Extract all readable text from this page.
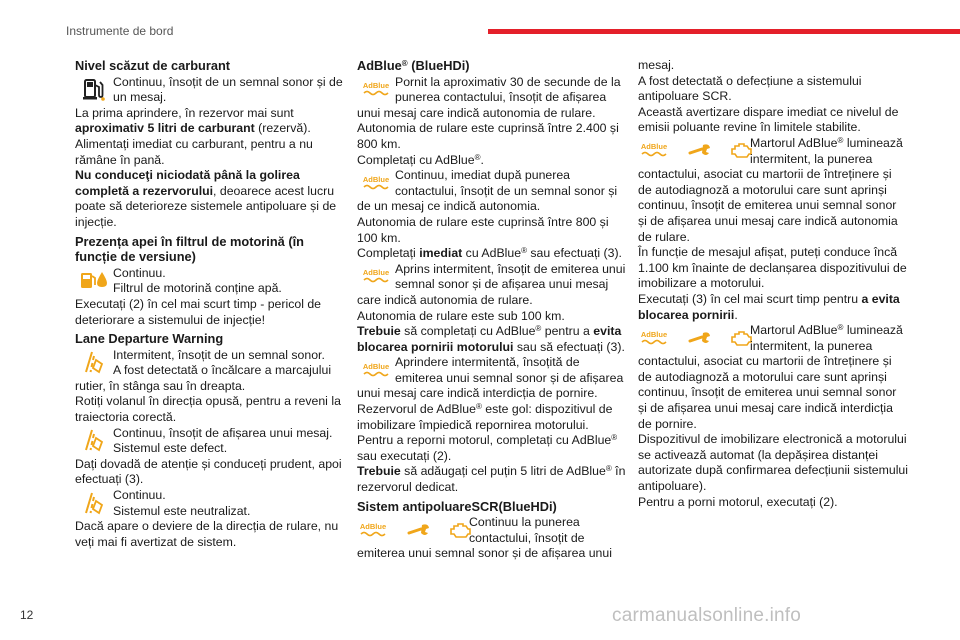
Instrumente de bord
Nivel scăzut de carburant

Continuu, însoțit de un semnal sonor și de un mesaj.

La prima aprindere, în rezervor mai sunt aproximativ 5 litri de carburant (rezervă).

Alimentați imediat cu carburant, pentru a nu rămâne în pană.

Nu conduceţi niciodată până la golirea completă a rezervorului, deoarece acest lucru poate să deterioreze sistemele antipoluare și de injecție.

Prezența apei în filtrul de motorină (în funcție de versiune)

Continuu.

Filtrul de motorină conține apă.

Executați (2) în cel mai scurt timp - pericol de deteriorare a sistemului de injecție!

Lane Departure Warning

Intermitent, însoțit de un semnal sonor.

A fost detectată o încălcare a marcajului rutier, în stânga sau în dreapta.

Rotiți volanul în direcția opusă, pentru a reveni la traiectoria corectă.

Continuu, însoțit de afișarea unui mesaj.

Sistemul este defect.

Dați dovadă de atenție și conduceți prudent, apoi efectuați (3).

Continuu.

Sistemul este neutralizat.

Dacă apare o deviere de la direcția de rulare, nu veți mai fi avertizat de sistem.

AdBlue® (BlueHDi)
AdBlue Pornit la aproximativ 30 de secunde de la punerea contactului, însoțit de afișarea unui mesaj care indică autonomia de rulare.

Autonomia de rulare este cuprinsă între 2.400 și 800 km.

Completați cu AdBlue®.

AdBlue Continuu, imediat după punerea contactului, însoțit de un semnal sonor și de un mesaj ce indică autonomia.

Autonomia de rulare este cuprinsă între 800 și 100 km.

Completați imediat cu AdBlue® sau efectuați (3).

AdBlue Aprins intermitent, însoțit de emiterea unui semnal sonor și de afișarea unui mesaj care indică autonomia de rulare.

Autonomia de rulare este sub 100 km.

Trebuie să completați cu AdBlue® pentru a evita blocarea pornirii motorului sau să efectuați (3).

AdBlue Aprindere intermitentă, însoțită de emiterea unui semnal sonor și de afișarea unui mesaj care indică interdicția de pornire.

Rezervorul de AdBlue® este gol: dispozitivul de imobilizare împiedică repornirea motorului.

Pentru a reporni motorul, completați cu AdBlue® sau executați (2).

Trebuie să adăugați cel puțin 5 litri de AdBlue® în rezervorul dedicat.

Sistem antipoluareSCR(BlueHDi)
AdBlue	Continuu la punerea contactului, însoțit de emiterea unui semnal sonor și de afișarea unui

mesaj.

A fost detectată o defecțiune a sistemului antipoluare SCR.

Această avertizare dispare imediat ce nivelul de emisii poluante revine în limitele stabilite.

AdBlue	Martorul AdBlue® luminează intermitent, la punerea contactului, asociat cu martorii de întreținere și de autodiagnoză a motorului care sunt aprinși continuu, însoțit de emiterea unui semnal sonor și de afișarea unui mesaj care indică autonomia de rulare.

În funcție de mesajul afișat, puteți conduce încă 1.100 km înainte de declanșarea dispozitivului de imobilizare a motorului.

Executați (3) în cel mai scurt timp pentru a evita blocarea pornirii.

AdBlue	Martorul AdBlue® luminează intermitent, la punerea contactului, asociat cu martorii de întreținere și de autodiagnoză a motorului care sunt aprinși continuu, însoțit de emiterea unui semnal sonor și de afișarea unui mesaj care indică interdicția de pornire.

Dispozitivul de imobilizare electronică a motorului se activează automat (la depășirea distanței autorizate după confirmarea defecțiunii sistemului antipoluare).

Pentru a porni motorul, executați (2).

12	carmanualsonline.info
